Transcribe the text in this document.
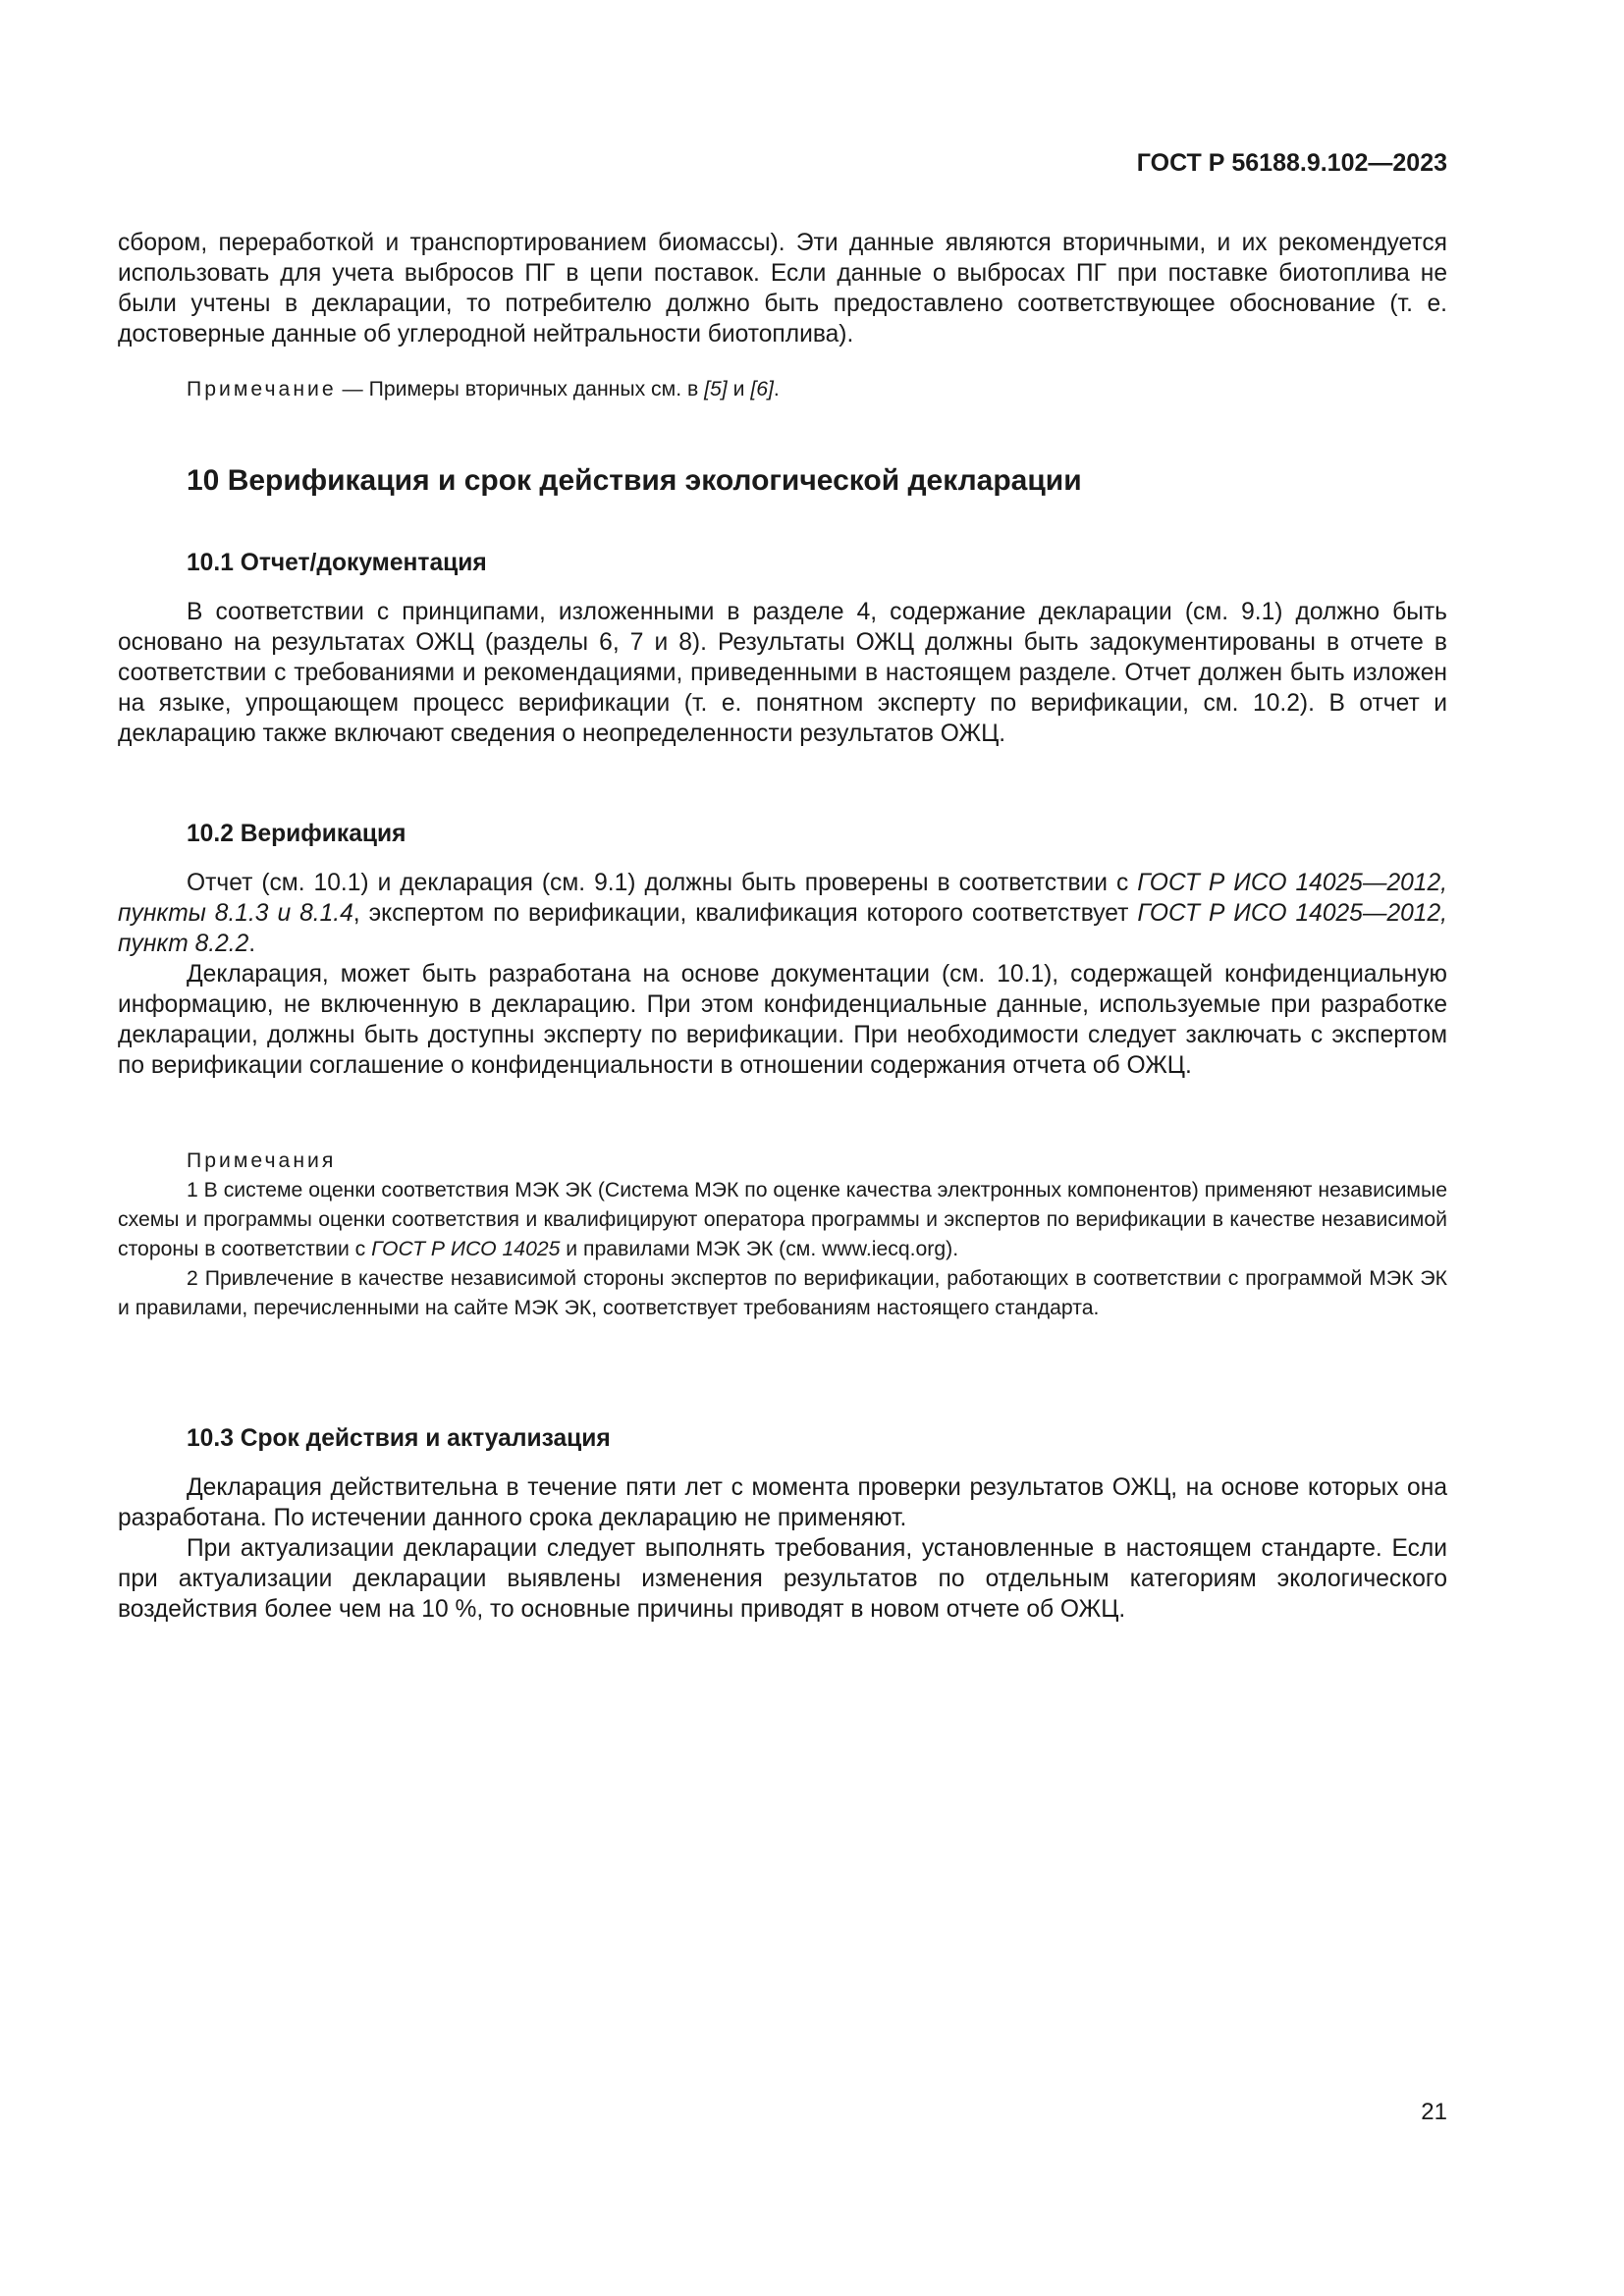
ГОСТ Р 56188.9.102—2023

сбором, переработкой и транспортированием биомассы). Эти данные являются вторичными, и их рекомендуется использовать для учета выбросов ПГ в цепи поставок. Если данные о выбросах ПГ при поставке биотоплива не были учтены в декларации, то потребителю должно быть предоставлено соответствующее обоснование (т. е. достоверные данные об углеродной нейтральности биотоплива).

Примечание — Примеры вторичных данных см. в [5] и [6].

10 Верификация и срок действия экологической декларации

10.1 Отчет/документация

В соответствии с принципами, изложенными в разделе 4, содержание декларации (см. 9.1) должно быть основано на результатах ОЖЦ (разделы 6, 7 и 8). Результаты ОЖЦ должны быть задокументированы в отчете в соответствии с требованиями и рекомендациями, приведенными в настоящем разделе. Отчет должен быть изложен на языке, упрощающем процесс верификации (т. е. понятном эксперту по верификации, см. 10.2). В отчет и декларацию также включают сведения о неопределенности результатов ОЖЦ.

10.2 Верификация

Отчет (см. 10.1) и декларация (см. 9.1) должны быть проверены в соответствии с ГОСТ Р ИСО 14025—2012, пункты 8.1.3 и 8.1.4, экспертом по верификации, квалификация которого соответствует ГОСТ Р ИСО 14025—2012, пункт 8.2.2.

Декларация, может быть разработана на основе документации (см. 10.1), содержащей конфиденциальную информацию, не включенную в декларацию. При этом конфиденциальные данные, используемые при разработке декларации, должны быть доступны эксперту по верификации. При необходимости следует заключать с экспертом по верификации соглашение о конфиденциальности в отношении содержания отчета об ОЖЦ.

Примечания

1 В системе оценки соответствия МЭК ЭК (Система МЭК по оценке качества электронных компонентов) применяют независимые схемы и программы оценки соответствия и квалифицируют оператора программы и экспертов по верификации в качестве независимой стороны в соответствии с ГОСТ Р ИСО 14025 и правилами МЭК ЭК (см. www.iecq.org).

2 Привлечение в качестве независимой стороны экспертов по верификации, работающих в соответствии с программой МЭК ЭК и правилами, перечисленными на сайте МЭК ЭК, соответствует требованиям настоящего стандарта.

10.3 Срок действия и актуализация

Декларация действительна в течение пяти лет с момента проверки результатов ОЖЦ, на основе которых она разработана. По истечении данного срока декларацию не применяют.

При актуализации декларации следует выполнять требования, установленные в настоящем стандарте. Если при актуализации декларации выявлены изменения результатов по отдельным категориям экологического воздействия более чем на 10 %, то основные причины приводят в новом отчете об ОЖЦ.

21
